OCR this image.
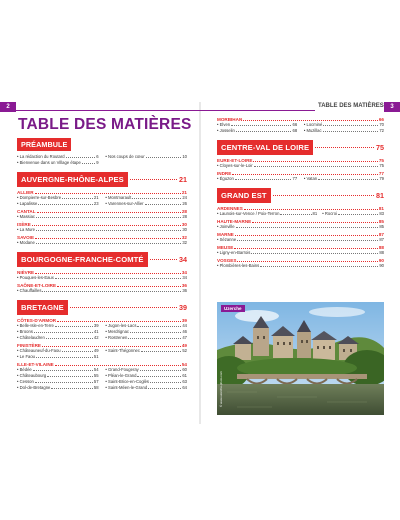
2	TABLE DES MATIÈRES	3
TABLE DES MATIÈRES
PRÉAMBULE
• La rédaction du Routard	6
• Bienvenue dans un Village étape	9
• Nos coups de cœur	10
AUVERGNE-RHÔNE-ALPES	21
ALLIER	21
• Dompierre-sur-Besbre	21
• Lapalisse	23
• Montmarault	24
• Varennes-sur-Allier	26
CANTAL	28
• Massiac	28
ISÈRE	30
• La Mure	30
SAVOIE	32
• Modane	32
BOURGOGNE-FRANCHE-COMTÉ	34
NIÈVRE	34
• Pouques-les-Eaux	34
SAÔNE-ET-LOIRE	36
• Chauffailles	36
BRETAGNE	39
CÔTES-D'ARMOR	39
• Belle-Isle-en-Terre	39
• Broons	41
• Châtelaudren	42
• Jugon-les-Lacs	44
• Merdrignac	46
• Rostrenen	47
FINISTÈRE	49
• Châteauneuf-du-Faou	49
• Le Faou	51
• Saint-Thégonnec	52
ILLE-ET-VILAINE	54
• Bédée	54
• Châteaubourg	55
• Cesson	57
• Dol-de-Bretagne	58
• Grand-Fougeray	60
• Pléan-le-Grand	61
• Saint-Brice-en-Coglès	63
• Saint-Méen-le-Grand	64
MORBIHAN	66
• Elven	66
• Josselin	68
• Locminé	70
• Muzillac	72
CENTRE-VAL DE LOIRE	75
EURE-ET-LOIRE	75
• Cloyes-sur-le-Loir	75
INDRE	77
• Éguzon	77 • Vatan	79
GRAND EST	81
ARDENNES	81
• Launois-sur-Vence / Poix-Terron	81 • Rocroi	83
HAUTE-MARNE	85
• Joinville	85
MARNE	87
• Sézanne	87
MEUSE	88
• Ligny-en-Barrois	88
VOSGES	90
• Plombières-les-Bains	90
Uzerche
© www.uzerche-photo.com
